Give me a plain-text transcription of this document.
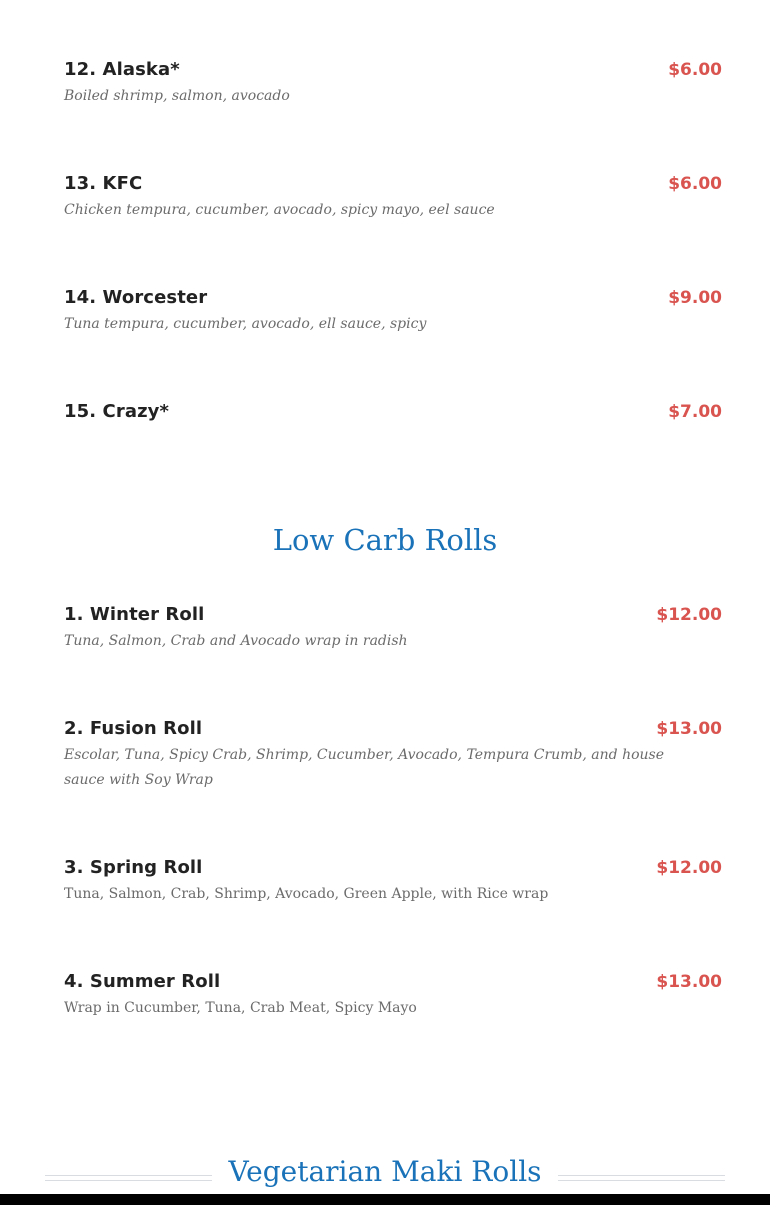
12. Alaska*	$6.00
Boiled shrimp, salmon, avocado
13. KFC	$6.00
Chicken tempura, cucumber, avocado, spicy mayo, eel sauce
14. Worcester	$9.00
Tuna tempura, cucumber, avocado, ell sauce, spicy
15. Crazy*	$7.00
Low Carb Rolls
1. Winter Roll	$12.00
Tuna, Salmon, Crab and Avocado wrap in radish
2. Fusion Roll	$13.00
Escolar, Tuna, Spicy Crab, Shrimp, Cucumber, Avocado, Tempura Crumb, and house sauce with Soy Wrap
3. Spring Roll	$12.00
Tuna, Salmon, Crab, Shrimp, Avocado, Green Apple, with Rice wrap
4. Summer Roll	$13.00
Wrap in Cucumber, Tuna, Crab Meat, Spicy Mayo
Vegetarian Maki Rolls
